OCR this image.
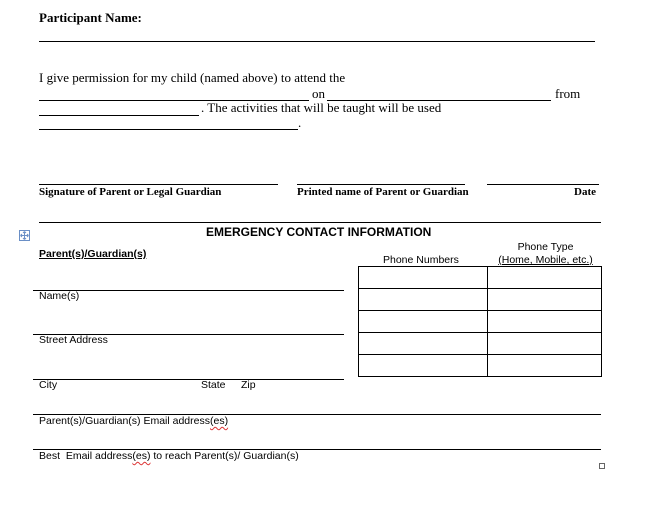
Participant Name:
I give permission for my child (named above) to attend the
on	from
. The activities that will be taught will be used
.
Signature of Parent or Legal Guardian	Printed name of Parent or Guardian	Date
EMERGENCY CONTACT INFORMATION
Parent(s)/Guardian(s)	Phone Numbers
Phone Type
(Home, Mobile, etc.)

Name(s)
Street Address
City	State Zip
Parent(s)/Guardian(s) Email address(es)
Best  Email address(es) to reach Parent(s)/ Guardian(s)
